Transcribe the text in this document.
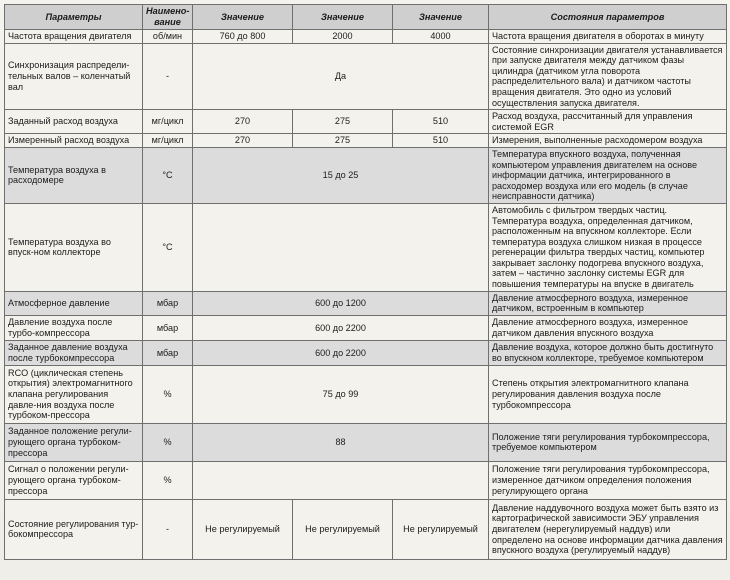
Параметры	Наимено-вание	Значение	Значение	Значение	Состояния параметров
Частота вращения двигателя	об/мин	760 до 800	2000	4000	Частота вращения двигателя в оборотах в минуту
Синхронизация распредели-тельных валов – коленчатый вал	-	Да			Состояние синхронизации двигателя устанавливается при запуске двигателя между датчиком фазы цилиндра (датчиком угла поворота распределительного вала) и датчиком частоты вращения двигателя. Это одно из условий осуществления запуска двигателя.
Заданный расход воздуха	мг/цикл	270	275	510	Расход воздуха, рассчитанный для управления системой EGR
Измеренный расход воздуха	мг/цикл	270	275	510	Измерения, выполненные расходомером воздуха
Температура воздуха в расходомере	°C	15 до 25			Температура впускного воздуха, полученная компьютером управления двигателем на основе информации датчика, интегрированного в расходомер воздуха или его модель (в случае неисправности датчика)
Температура воздуха во впуск-ном коллекторе	°C				Автомобиль с фильтром твердых частиц. Температура воздуха, определенная датчиком, расположенным на впускном коллекторе. Если температура воздуха слишком низкая в процессе регенерации фильтра твердых частиц, компьютер закрывает заслонку подогрева впускного воздуха, затем – частично заслонку системы EGR для повышения температуры на впуске в двигатель
Атмосферное давление	мбар	600 до 1200			Давление атмосферного воздуха, измеренное датчиком, встроенным в компьютер
Давление воздуха после турбо-компрессора	мбар	600 до 2200			Давление атмосферного воздуха, измеренное датчиком давления впускного воздуха
Заданное давление воздуха после турбокомпрессора	мбар	600 до 2200			Давление воздуха, которое должно быть достигнуто во впускном коллекторе, требуемое компьютером
RCO (циклическая степень открытия) электромагнитного клапана регулирования давле-ния воздуха после турбоком-прессора	%	75 до 99			Степень открытия электромагнитного клапана регулирования давления воздуха после турбокомпрессора
Заданное положение регули-рующего органа турбоком-прессора	%	88			Положение тяги регулирования турбокомпрессора, требуемое компьютером
Сигнал о положении регули-рующего органа турбоком-прессора	%				Положение тяги регулирования турбокомпрессора, измеренное датчиком определения положения регулирующего органа
Состояние регулирования тур-бокомпрессора	-	Не регулируемый	Не регулируемый	Не регулируемый	Давление наддувочного воздуха может быть взято из картографической зависимости ЭБУ управления двигателем (нерегулируемый наддув) или определено на основе информации датчика давления впускного воздуха (регулируемый наддув)
